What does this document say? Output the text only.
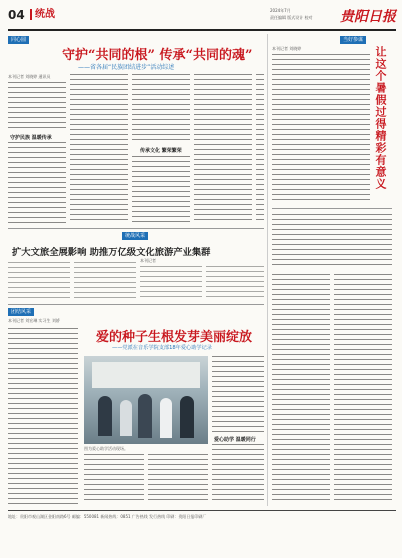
04	统战	2024年7月
责任编辑 版式设计 校对 贵阳日报
同心圆
守护“共同的根” 传承“共同的魂”
——省各届“民族团结进步”活动综述
本刊记者 刘晓婷 通讯员
守护民族 温暖传承
传承文化 繁荣繁荣
当好参谋
本刊记者 刘晓婷	让这个暑假过得精彩有意义
统战风采
扩大文旅全展影响 助推万亿级文化旅游产业集群
本刊记者
团结风采
本刊记者 刘宏琳 实习生 刘娇
爱的种子生根发芽美丽绽放
——党派在音乐学院支部18年爱心助学记录
图为爱心助学活动现场。
爱心助学 温暖同行
地址：贵阳市观山湖区金阳南路6号 邮编：550081 新闻热线：0851 广告热线 发行热线 印刷：贵阳日报印刷厂
